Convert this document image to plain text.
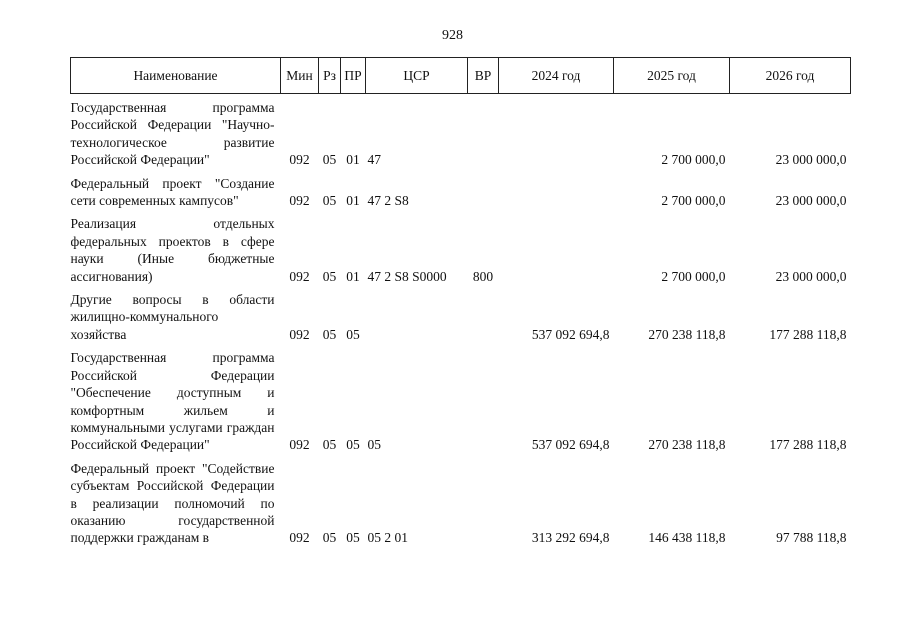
928
Наименование	Мин	Рз	ПР	ЦСР	ВР	2024 год	2025 год	2026 год
Государственная программа Российской Федерации "Научно-технологическое развитие Российской Федерации"	092	05	01	47			2 700 000,0	23 000 000,0
Федеральный проект "Создание сети современных кампусов"	092	05	01	47 2 S8			2 700 000,0	23 000 000,0
Реализация отдельных федеральных проектов в сфере науки (Иные бюджетные ассигнования)	092	05	01	47 2 S8 S0000	800		2 700 000,0	23 000 000,0
Другие вопросы в области жилищно-коммунального хозяйства	092	05	05			537 092 694,8	270 238 118,8	177 288 118,8
Государственная программа Российской Федерации "Обеспечение доступным и комфортным жильем и коммунальными услугами граждан Российской Федерации"	092	05	05	05		537 092 694,8	270 238 118,8	177 288 118,8
Федеральный проект "Содействие субъектам Российской Федерации в реализации полномочий по оказанию государственной поддержки гражданам в	092	05	05	05 2 01		313 292 694,8	146 438 118,8	97 788 118,8
